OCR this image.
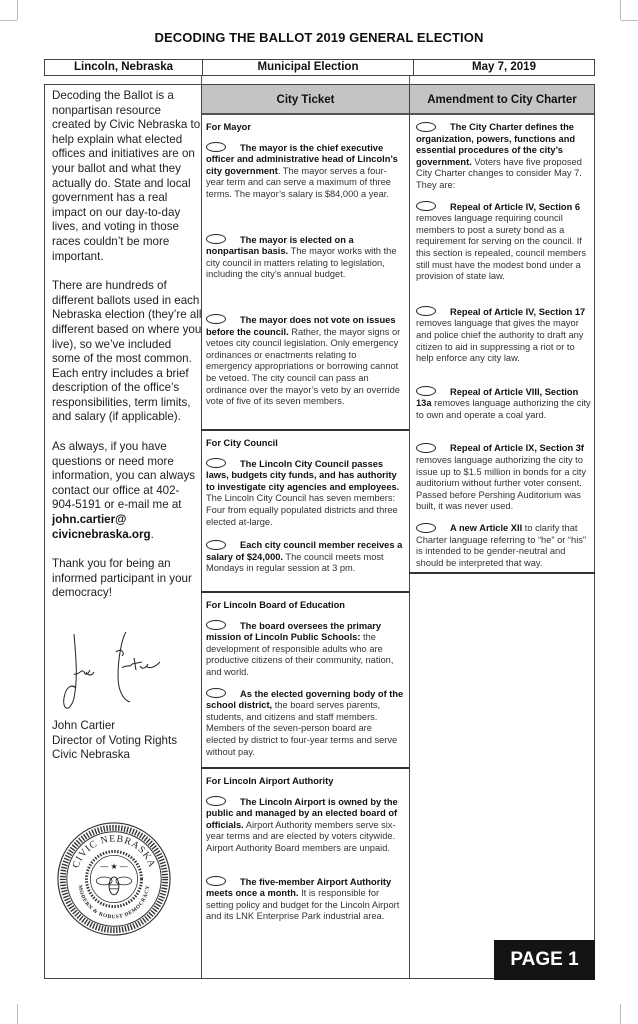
DECODING THE BALLOT 2019 GENERAL ELECTION
Lincoln, Nebraska	Municipal Election	May 7, 2019
City Ticket	Amendment to City Charter

Decoding the Ballot is a nonpartisan resource created by Civic Nebraska to help explain what elected offices and initiatives are on your ballot and what they actually do. State and local government has a real impact on our day-to-day lives, and voting in those races couldn’t be more important.

There are hundreds of different ballots used in each Nebraska election (they’re all different based on where you live), so we’ve included some of the most common. Each entry includes a brief description of the office’s responsibilities, term limits, and salary (if applicable).

As always, if you have questions or need more information, you can always contact our office at 402-904-5191 or e-mail me at john.cartier@ civicnebraska.org.

Thank you for being an informed participant in your democracy!

John Cartier
Director of Voting Rights
Civic Nebraska
CIVIC NEBRASKA
MODERN & ROBUST DEMOCRACY
— ★ —
For Mayor
The mayor is the chief executive officer and administrative head of Lincoln’s city government. The mayor serves a four-year term and can serve a maximum of three terms. The mayor’s salary is $84,000 a year.
The mayor is elected on a nonpartisan basis. The mayor works with the city council in matters relating to legislation, including the city’s annual budget.
The mayor does not vote on issues before the council. Rather, the mayor signs or vetoes city council legislation. Only emergency ordinances or enactments relating to emergency appropriations or borrowing cannot be vetoed. The city council can pass an ordinance over the mayor’s veto by an override vote of five of its seven members.
For City Council
The Lincoln City Council passes laws, budgets city funds, and has authority to investigate city agencies and employees. The Lincoln City Council has seven members: Four from equally populated districts and three elected at-large.
Each city council member receives a salary of $24,000. The council meets most Mondays in regular session at 3 pm.
For Lincoln Board of Education
The board oversees the primary mission of Lincoln Public Schools: the development of responsible adults who are productive citizens of their community, nation, and world.
As the elected governing body of the school district, the board serves parents, students, and citizens and staff members. Members of the seven-person board are elected by district to four-year terms and serve without pay.
For Lincoln Airport Authority
The Lincoln Airport is owned by the public and managed by an elected board of officials. Airport Authority members serve six-year terms and are elected by voters citywide. Airport Authority Board members are unpaid.
The five-member Airport Authority meets once a month. It is responsible for setting policy and budget for the Lincoln Airport and its LNK Enterprise Park industrial area.
The City Charter defines the organization, powers, functions and essential procedures of the city’s government. Voters have five proposed City Charter changes to consider May 7. They are:
Repeal of Article IV, Section 6 removes language requiring council members to post a surety bond as a requirement for serving on the council. If this section is repealed, council members still must have the modest bond under a provision of state law.
Repeal of Article IV, Section 17 removes language that gives the mayor and police chief the authority to draft any citizen to aid in suppressing a riot or to help enforce any city law.
Repeal of Article VIII, Section 13a removes language authorizing the city to own and operate a coal yard.
Repeal of Article IX, Section 3f removes language authorizing the city to issue up to $1.5 million in bonds for a city auditorium without further voter consent. Passed before Pershing Auditorium was built, it was never used.
A new Article XII to clarify that Charter language referring to “he” or “his” is intended to be gender-neutral and should be interpreted that way.
PAGE 1
